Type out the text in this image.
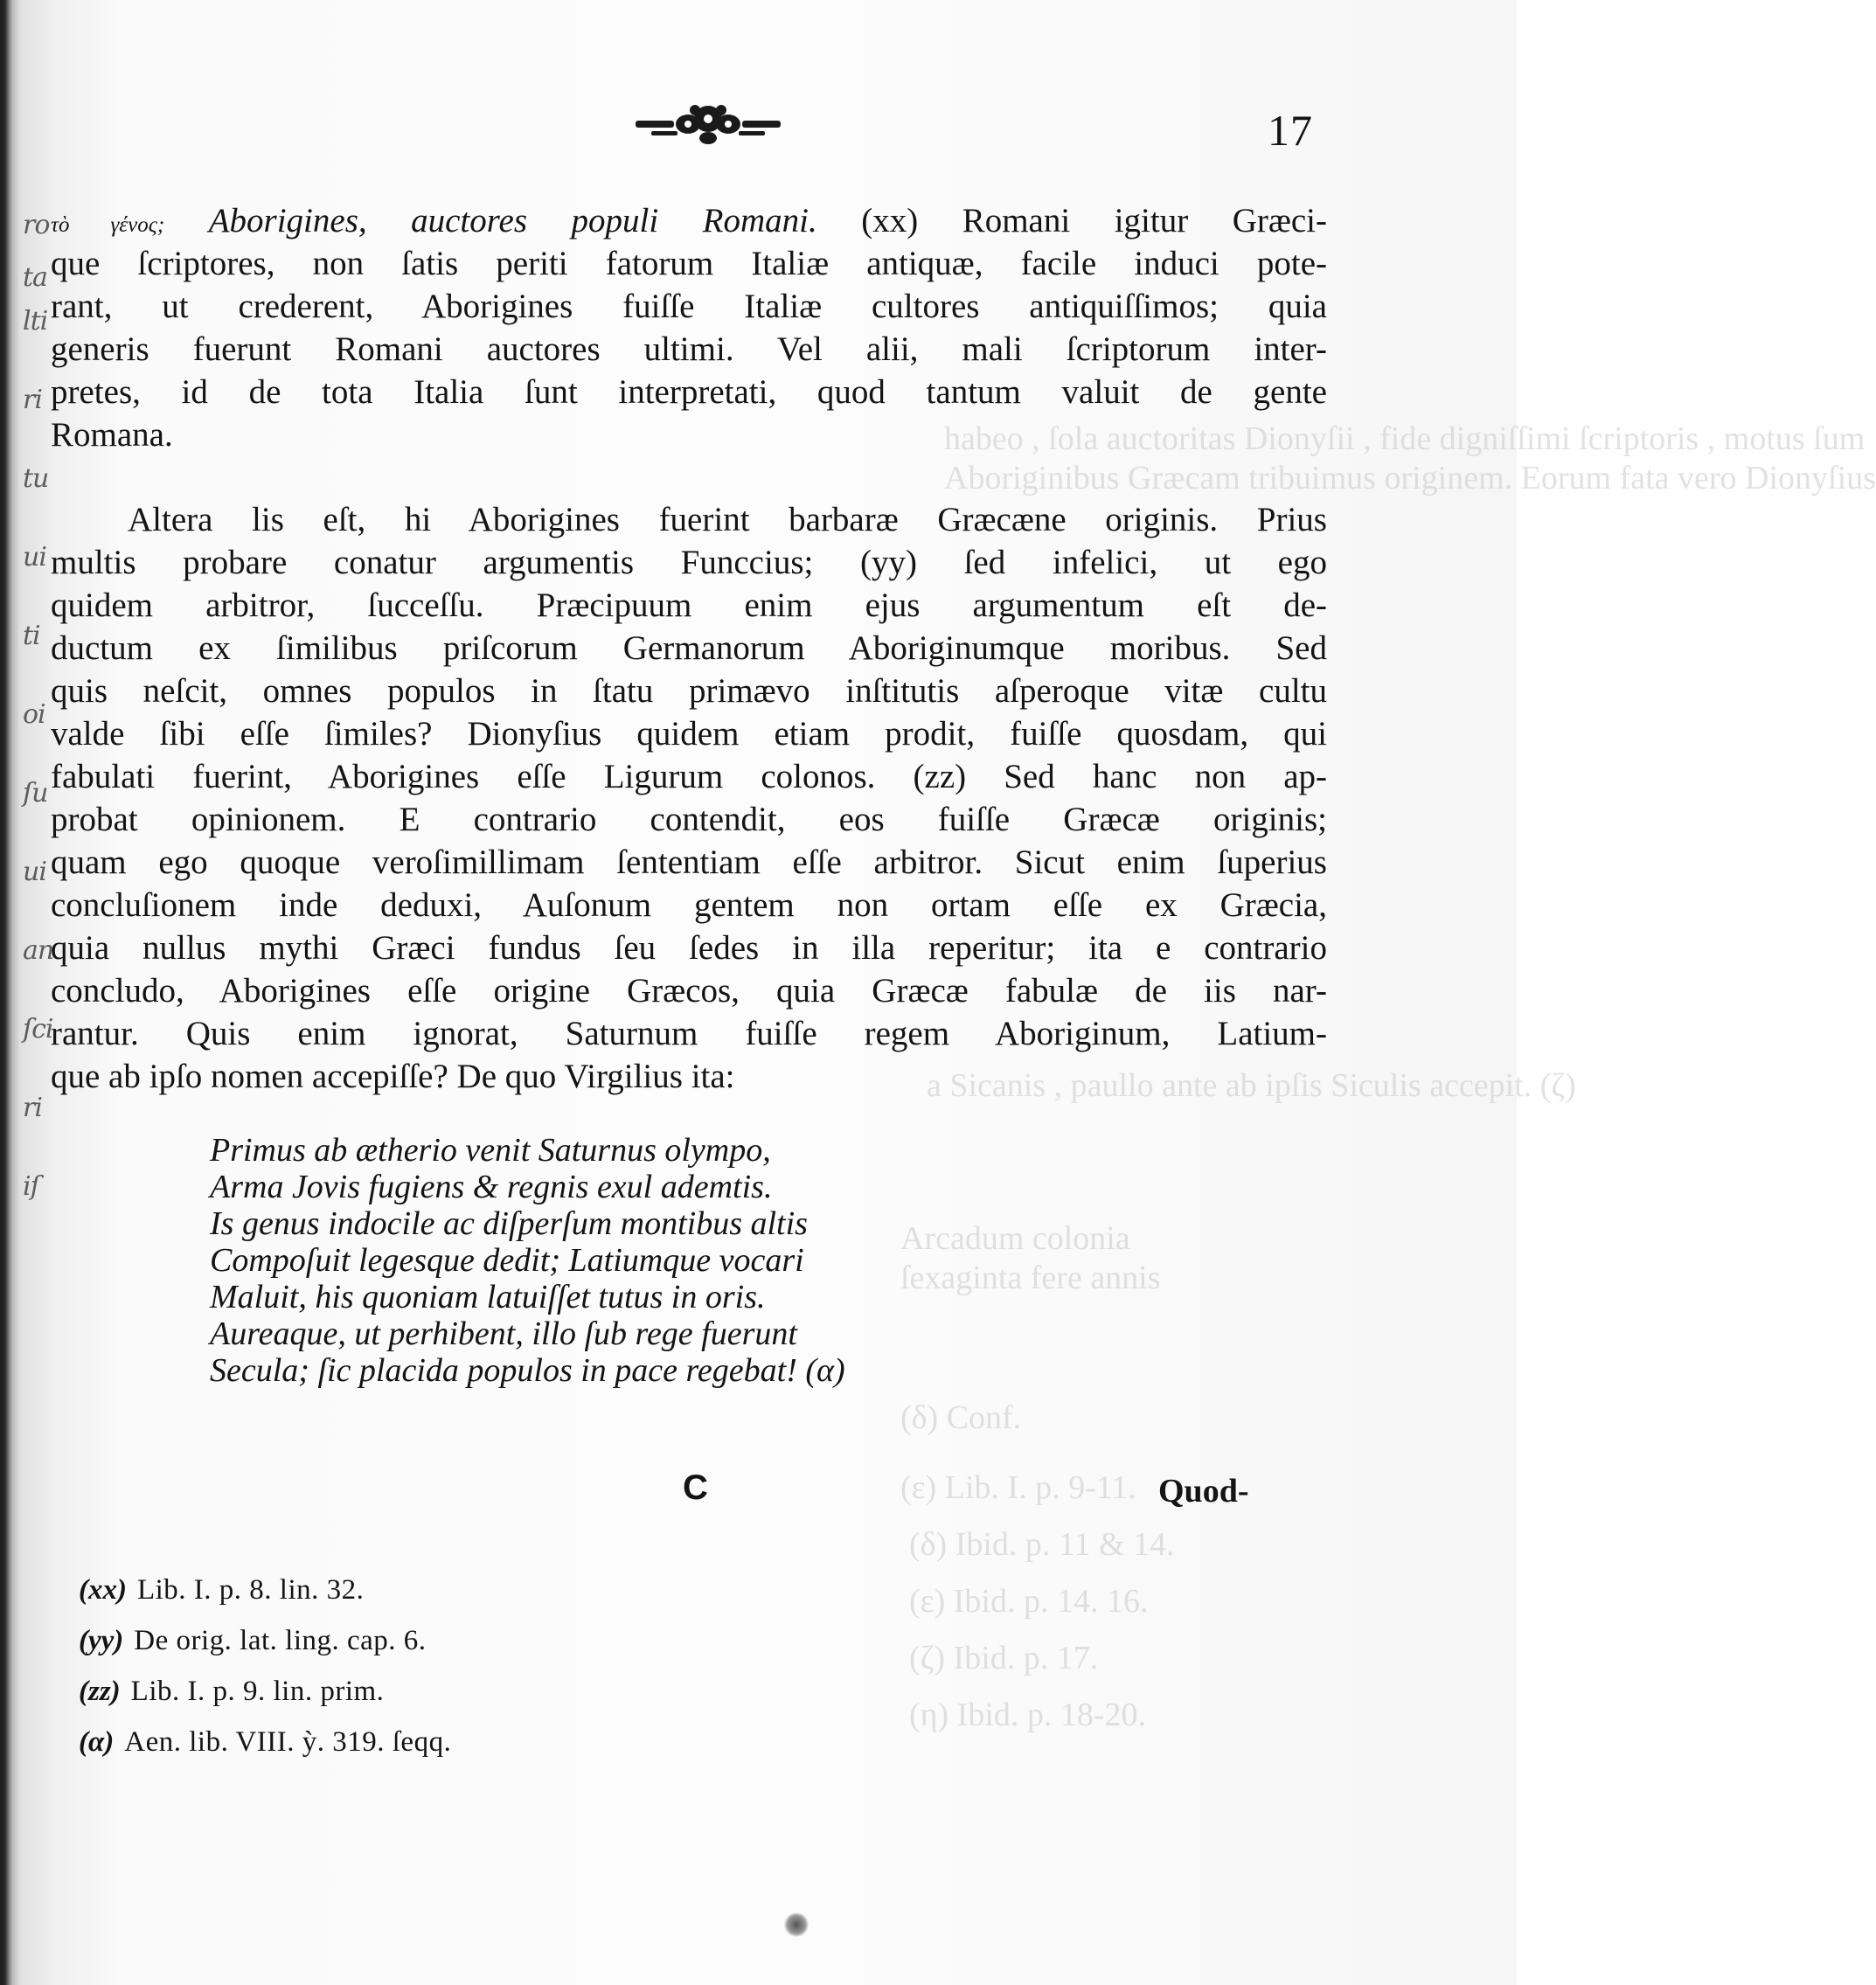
ro
ta
lti
ri
tu
ui
ti
oi
ſu
ui
an
ſci
ri
iſ
habeo , ſola auctoritas Dionyſii , fide digniſſimi ſcriptoris , motus ſum
Aboriginibus Græcam tribuimus originem. Eorum fata vero Dionyſius
a Sicanis , paullo ante ab ipſis Siculis accepit. (ζ)
Arcadum colonia
ſexaginta fere annis
(δ) Conf.
(ε) Lib. I. p. 9-11.
(δ) Ibid. p. 11 & 14.
(ε) Ibid. p. 14. 16.
(ζ) Ibid. p. 17.
(η) Ibid. p. 18-20.
17
τὸ γένος; Aborigines, auctores populi Romani. (xx) Romani igitur Græci-
que ſcriptores, non ſatis periti fatorum Italiæ antiquæ, facile induci pote-
rant, ut crederent, Aborigines fuiſſe Italiæ cultores antiquiſſimos; quia
generis fuerunt Romani auctores ultimi. Vel alii, mali ſcriptorum inter-
pretes, id de tota Italia ſunt interpretati, quod tantum valuit de gente
Romana.
Altera lis eſt, hi Aborigines fuerint barbaræ Græcæne originis. Prius
multis probare conatur argumentis Funccius; (yy) ſed infelici, ut ego
quidem arbitror, ſucceſſu. Præcipuum enim ejus argumentum eſt de-
ductum ex ſimilibus priſcorum Germanorum Aboriginumque moribus. Sed
quis neſcit, omnes populos in ſtatu primævo inſtitutis aſperoque vitæ cultu
valde ſibi eſſe ſimiles? Dionyſius quidem etiam prodit, fuiſſe quosdam, qui
fabulati fuerint, Aborigines eſſe Ligurum colonos. (zz) Sed hanc non ap-
probat opinionem. E contrario contendit, eos fuiſſe Græcæ originis;
quam ego quoque veroſimillimam ſententiam eſſe arbitror. Sicut enim ſuperius
concluſionem inde deduxi, Auſonum gentem non ortam eſſe ex Græcia,
quia nullus mythi Græci fundus ſeu ſedes in illa reperitur; ita e contrario
concludo, Aborigines eſſe origine Græcos, quia Græcæ fabulæ de iis nar-
rantur. Quis enim ignorat, Saturnum fuiſſe regem Aboriginum, Latium-
que ab ipſo nomen accepiſſe? De quo Virgilius ita:
Primus ab ætherio venit Saturnus olympo,
Arma Jovis fugiens & regnis exul ademtis.
Is genus indocile ac diſperſum montibus altis
Compoſuit legesque dedit; Latiumque vocari
Maluit, his quoniam latuiſſet tutus in oris.
Aureaque, ut perhibent, illo ſub rege fuerunt
Secula; ſic placida populos in pace regebat! (α)
C	Quod-
(xx) Lib. I. p. 8. lin. 32.
(yy) De orig. lat. ling. cap. 6.
(zz) Lib. I. p. 9. lin. prim.
(α) Aen. lib. VIII. ỳ. 319. ſeqq.
